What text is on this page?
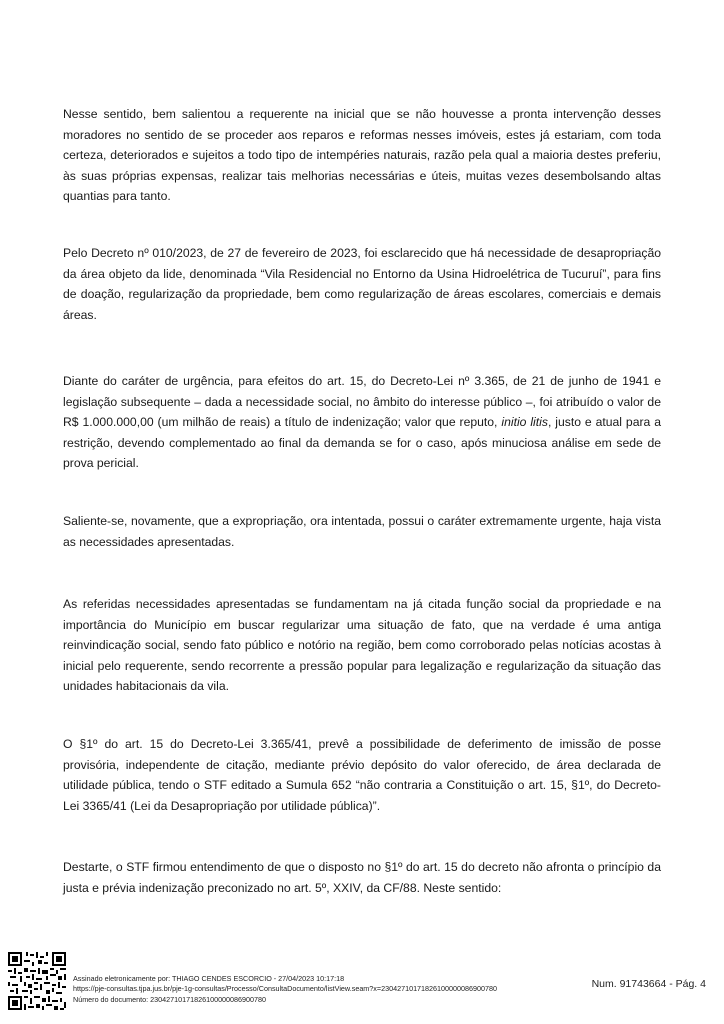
Nesse sentido, bem salientou a requerente na inicial que se não houvesse a pronta intervenção desses moradores no sentido de se proceder aos reparos e reformas nesses imóveis, estes já estariam, com toda certeza, deteriorados e sujeitos a todo tipo de intempéries naturais, razão pela qual a maioria destes preferiu, às suas próprias expensas, realizar tais melhorias necessárias e úteis, muitas vezes desembolsando altas quantias para tanto.

Pelo Decreto nº 010/2023, de 27 de fevereiro de 2023, foi esclarecido que há necessidade de desapropriação da área objeto da lide, denominada “Vila Residencial no Entorno da Usina Hidroelétrica de Tucuruí”, para fins de doação, regularização da propriedade, bem como regularização de áreas escolares, comerciais e demais áreas.

Diante do caráter de urgência, para efeitos do art. 15, do Decreto-Lei nº 3.365, de 21 de junho de 1941 e legislação subsequente – dada a necessidade social, no âmbito do interesse público –, foi atribuído o valor de R$ 1.000.000,00 (um milhão de reais) a título de indenização; valor que reputo, initio litis, justo e atual para a restrição, devendo complementado ao final da demanda se for o caso, após minuciosa análise em sede de prova pericial.

Saliente-se, novamente, que a expropriação, ora intentada, possui o caráter extremamente urgente, haja vista as necessidades apresentadas.

As referidas necessidades apresentadas se fundamentam na já citada função social da propriedade e na importância do Município em buscar regularizar uma situação de fato, que na verdade é uma antiga reinvindicação social, sendo fato público e notório na região, bem como corroborado pelas notícias acostas à inicial pelo requerente, sendo recorrente a pressão popular para legalização e regularização da situação das unidades habitacionais da vila.

O §1º do art. 15 do Decreto-Lei 3.365/41, prevê a possibilidade de deferimento de imissão de posse provisória, independente de citação, mediante prévio depósito do valor oferecido, de área declarada de utilidade pública, tendo o STF editado a Sumula 652 “não contraria a Constituição o art. 15, §1º, do Decreto-Lei 3365/41 (Lei da Desapropriação por utilidade pública)”.

Destarte, o STF firmou entendimento de que o disposto no §1º do art. 15 do decreto não afronta o princípio da justa e prévia indenização preconizado no art. 5º, XXIV, da CF/88. Neste sentido:

Assinado eletronicamente por: THIAGO CENDES ESCORCIO - 27/04/2023 10:17:18
https://pje-consultas.tjpa.jus.br/pje-1g-consultas/Processo/ConsultaDocumento/listView.seam?x=23042710171826100000086900780
Número do documento: 23042710171826100000086900780
Num. 91743664 - Pág. 4
